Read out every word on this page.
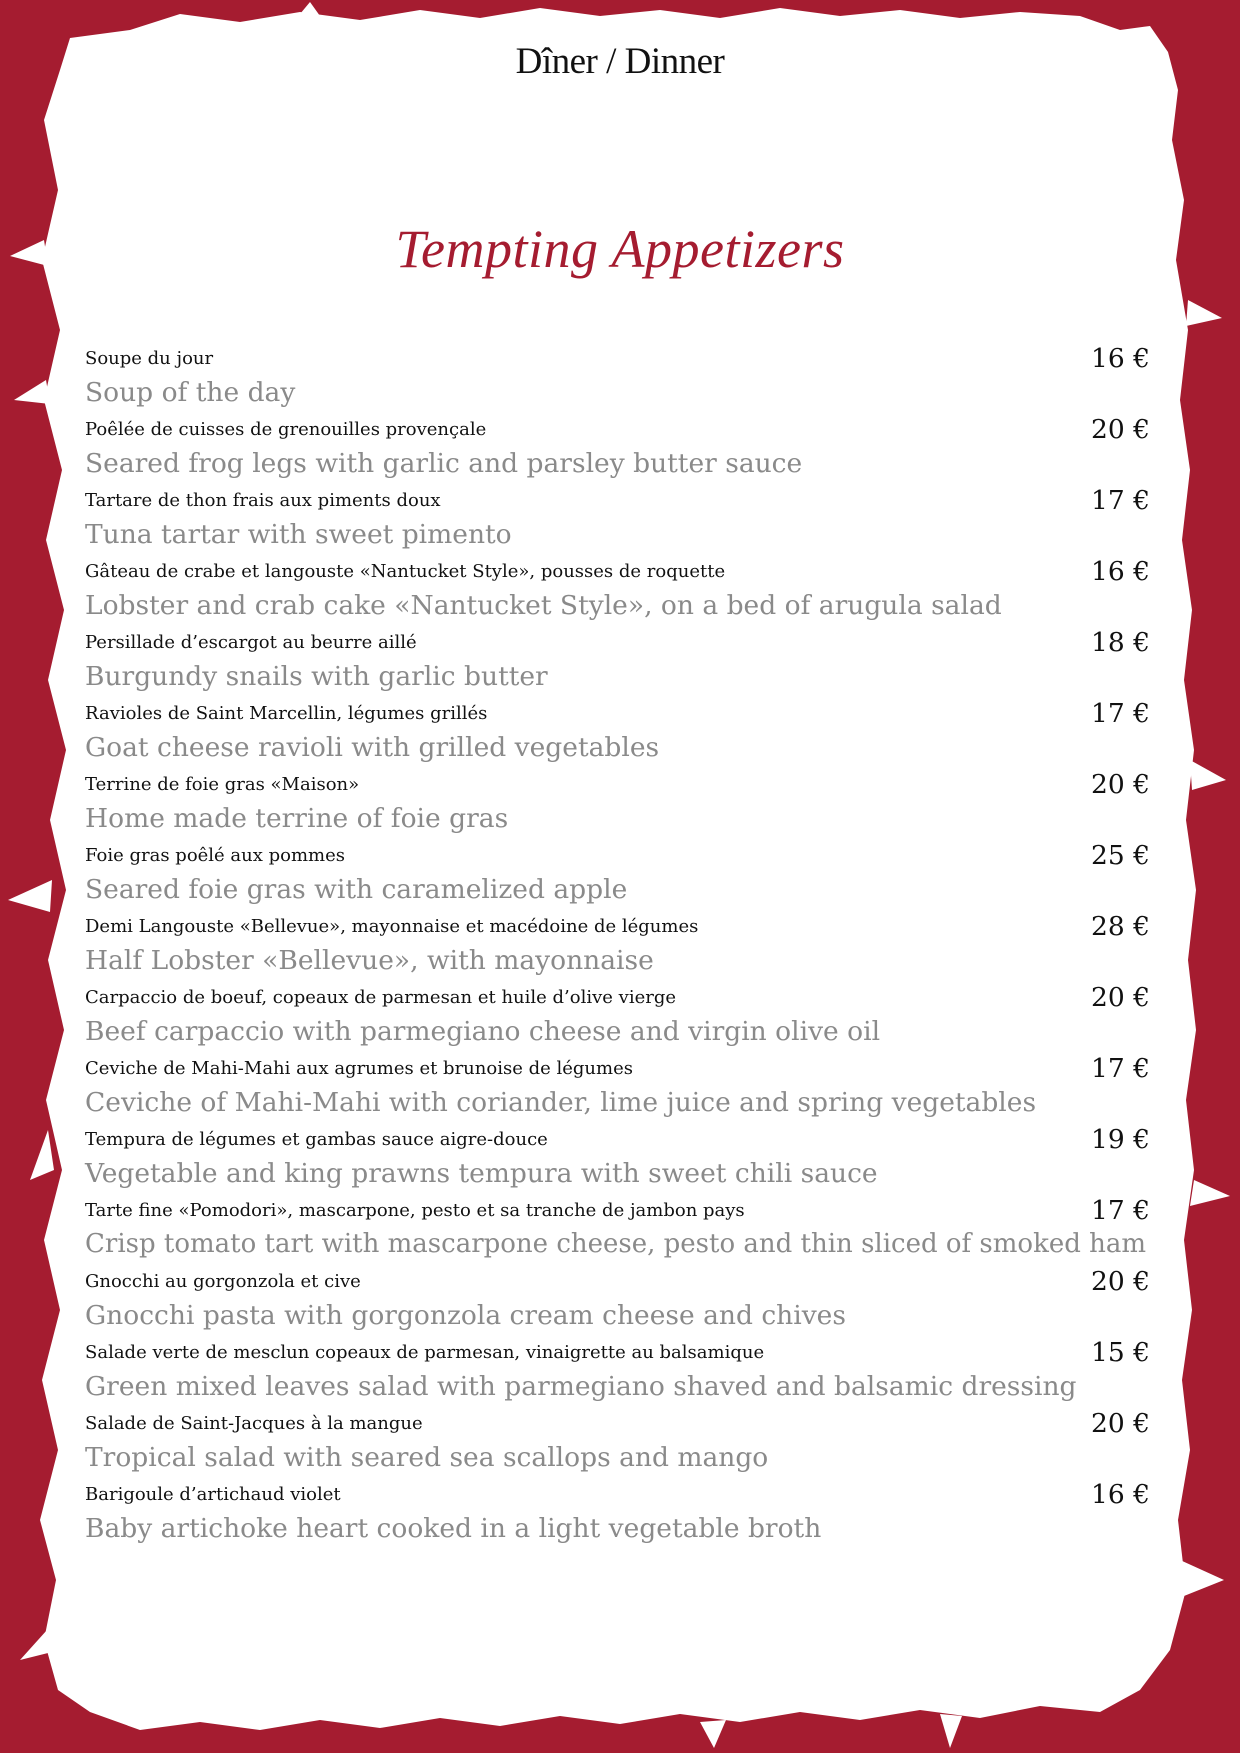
Dîner / Dinner
Tempting Appetizers
Soupe du jour
Soup of the day
16 €
Poêlée de cuisses de grenouilles provençale
Seared frog legs with garlic and parsley butter sauce
20 €
Tartare de thon frais aux piments doux
Tuna tartar with sweet pimento
17 €
Gâteau de crabe et langouste «Nantucket Style», pousses de roquette
Lobster and crab cake «Nantucket Style», on a bed of arugula salad
16 €
Persillade d’escargot au beurre aillé
Burgundy snails with garlic butter
18 €
Ravioles de Saint Marcellin, légumes grillés
Goat cheese ravioli with grilled vegetables
17 €
Terrine de foie gras «Maison»
Home made terrine of foie gras
20 €
Foie gras poêlé aux pommes
Seared foie gras with caramelized apple
25 €
Demi Langouste «Bellevue», mayonnaise et macédoine de légumes
Half Lobster «Bellevue», with mayonnaise
28 €
Carpaccio de boeuf, copeaux de parmesan et huile d’olive vierge
Beef carpaccio with parmegiano cheese and virgin olive oil
20 €
Ceviche de Mahi-Mahi aux agrumes et brunoise de légumes
Ceviche of Mahi-Mahi with coriander, lime juice and spring vegetables
17 €
Tempura de légumes et gambas sauce aigre-douce
Vegetable and king prawns tempura with sweet chili sauce
19 €
Tarte fine «Pomodori», mascarpone, pesto et sa tranche de jambon pays
Crisp tomato tart with mascarpone cheese, pesto and thin sliced of smoked ham
17 €
Gnocchi au gorgonzola et cive
Gnocchi pasta with gorgonzola cream cheese and chives
20 €
Salade verte de mesclun copeaux de parmesan, vinaigrette au balsamique
Green mixed leaves salad with parmegiano shaved and balsamic dressing
15 €
Salade de Saint-Jacques à la mangue
Tropical salad with seared sea scallops and mango
20 €
Barigoule d’artichaud violet
Baby artichoke heart cooked in a light vegetable broth
16 €
